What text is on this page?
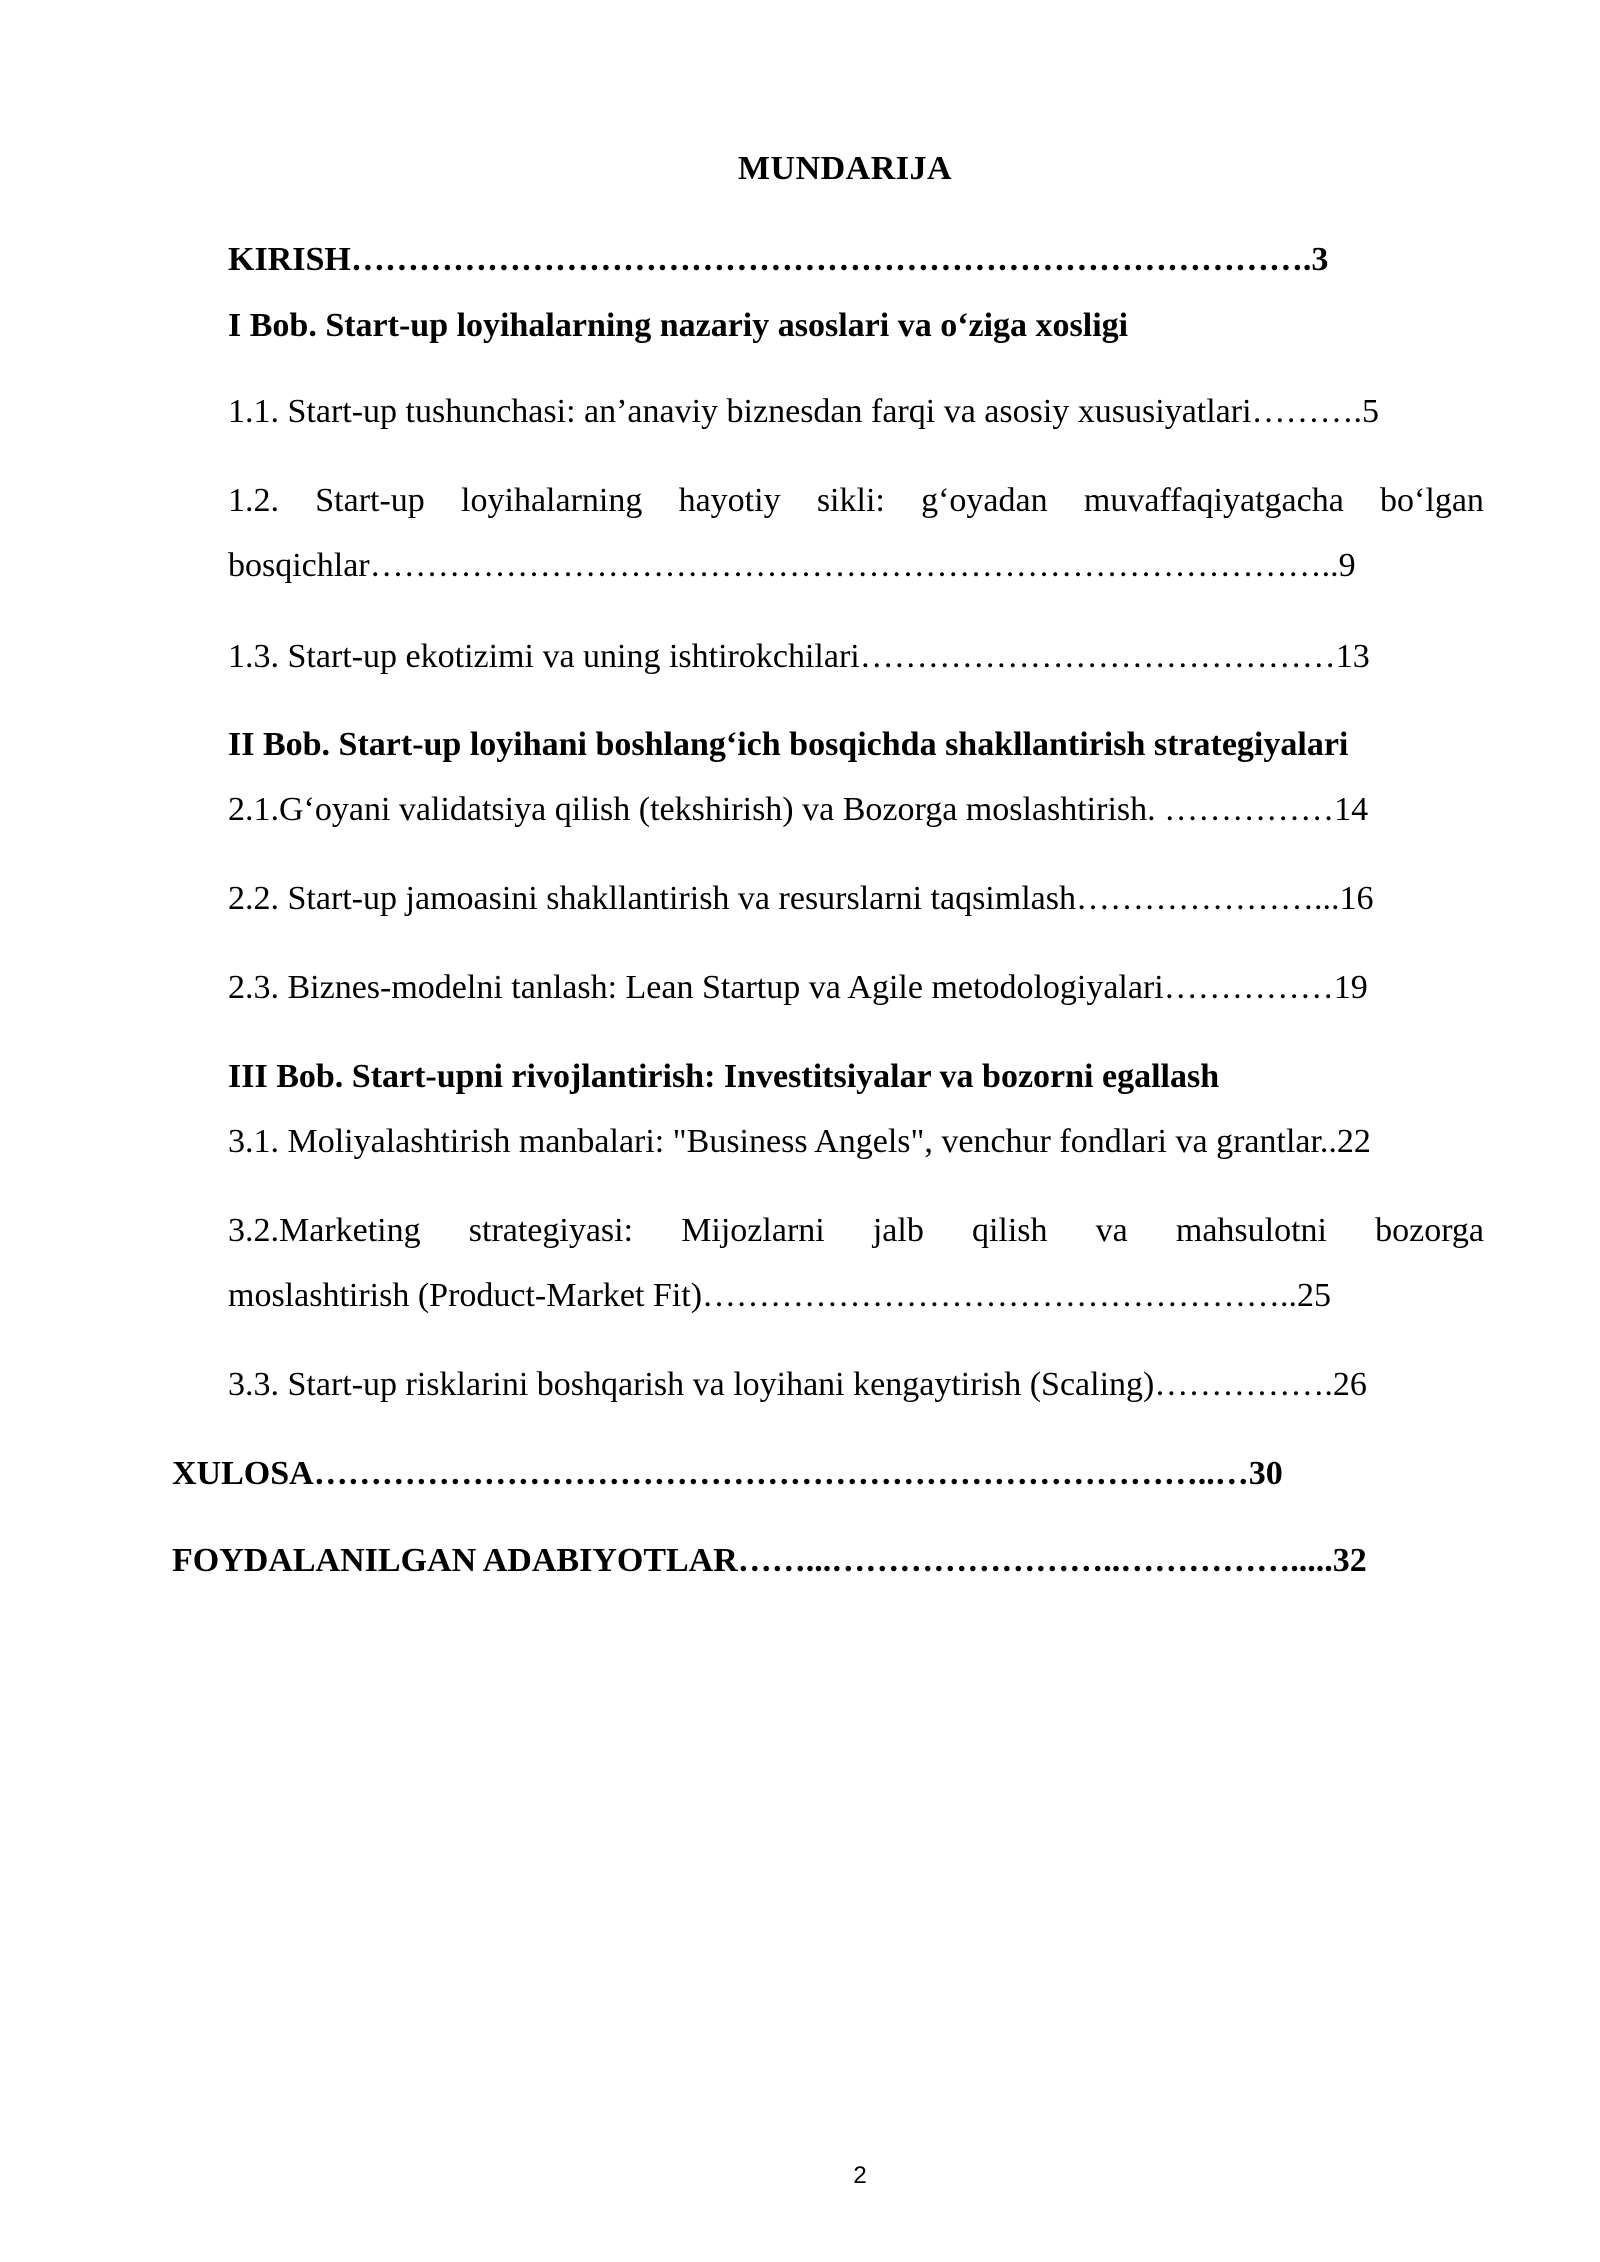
MUNDARIJA
KIRISH………………………………………………………………………….3
I Bob. Start-up loyihalarning nazariy asoslari va oʻziga xosligi
1.1. Start-up tushunchasi: an’anaviy biznesdan farqi va asosiy xususiyatlari……….5
1.2. Start-up loyihalarning hayotiy sikli: gʻoyadan muvaffaqiyatgacha boʻlgan
bosqichlar…………………………………………………………………………..9
1.3. Start-up ekotizimi va uning ishtirokchilari……………………………………13
II Bob. Start-up loyihani boshlangʻich bosqichda shakllantirish strategiyalari
2.1.Gʻoyani validatsiya qilish (tekshirish) va Bozorga moslashtirish. ……………14
2.2. Start-up jamoasini shakllantirish va resurslarni taqsimlash…………………...16
2.3. Biznes-modelni tanlash: Lean Startup va Agile metodologiyalari……………19
III Bob. Start-upni rivojlantirish: Investitsiyalar va bozorni egallash
3.1. Moliyalashtirish manbalari: "Business Angels", venchur fondlari va grantlar..22
3.2.Marketing strategiyasi: Mijozlarni jalb qilish va mahsulotni bozorga
moslashtirish (Product-Market Fit)……………………………………………..25
3.3. Start-up risklarini boshqarish va loyihani kengaytirish (Scaling)…………….26
XULOSA……………………………………………………………………..…30
FOYDALANILGAN ADABIYOTLAR……...……………………..…………….....32
2
